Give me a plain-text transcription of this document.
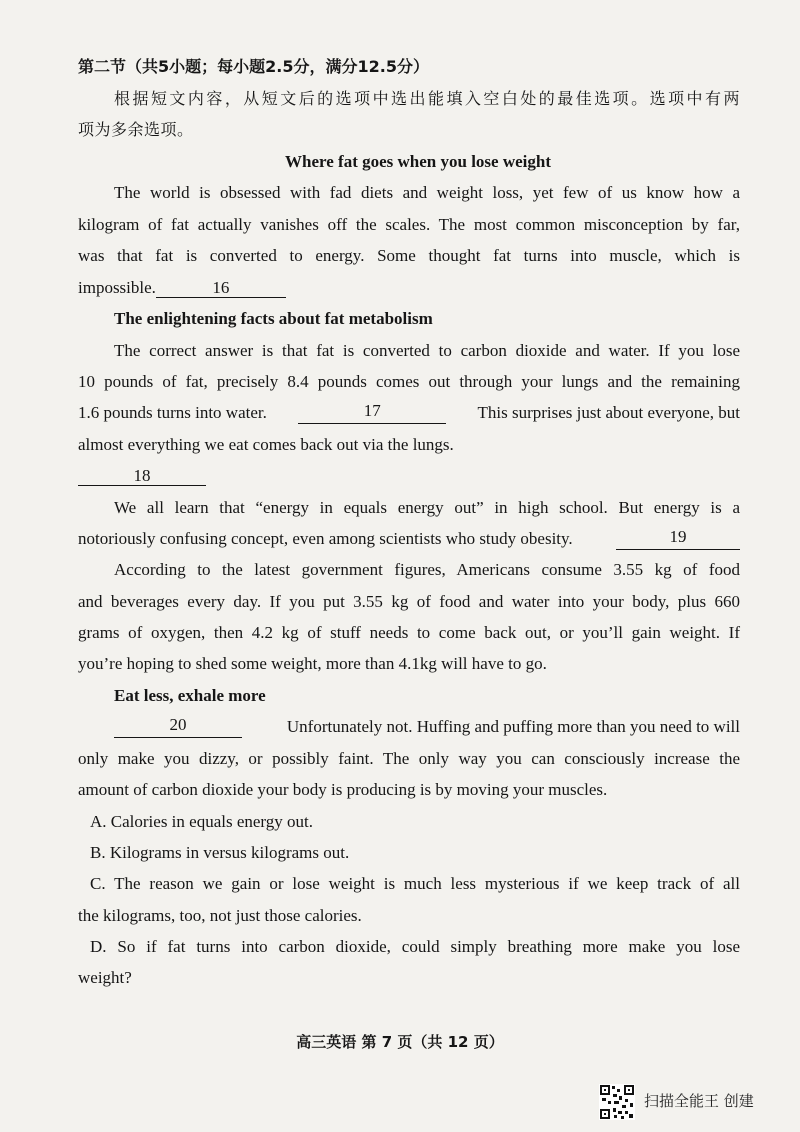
第二节（共5小题；每小题2.5分，满分12.5分）
根据短文内容，从短文后的选项中选出能填入空白处的最佳选项。选项中有两
项为多余选项。
Where fat goes when you lose weight
The world is obsessed with fad diets and weight loss, yet few of us know how a
kilogram of fat actually vanishes off the scales. The most common misconception by far,
was that fat is converted to energy. Some thought fat turns into muscle, which is
impossible.	16
The enlightening facts about fat metabolism
The correct answer is that fat is converted to carbon dioxide and water. If you lose
10 pounds of fat, precisely 8.4 pounds comes out through your lungs and the remaining
1.6 pounds turns into water.	17	This surprises just about everyone, but
almost everything we eat comes back out via the lungs.
18
We all learn that “energy in equals energy out” in high school. But energy is a
notoriously confusing concept, even among scientists who study obesity.	19
According to the latest government figures, Americans consume 3.55 kg of food
and beverages every day. If you put 3.55 kg of food and water into your body, plus 660
grams of oxygen, then 4.2 kg of stuff needs to come back out, or you’ll gain weight. If
you’re hoping to shed some weight, more than 4.1kg will have to go.
Eat less, exhale more
20	Unfortunately not. Huffing and puffing more than you need to will
only make you dizzy, or possibly faint. The only way you can consciously increase the
amount of carbon dioxide your body is producing is by moving your muscles.
A. Calories in equals energy out.
B. Kilograms in versus kilograms out.
C. The reason we gain or lose weight is much less mysterious if we keep track of all
the kilograms, too, not just those calories.
D. So if fat turns into carbon dioxide, could simply breathing more make you lose
weight?
高三英语 第 7 页（共 12 页）
扫描全能王 创建
